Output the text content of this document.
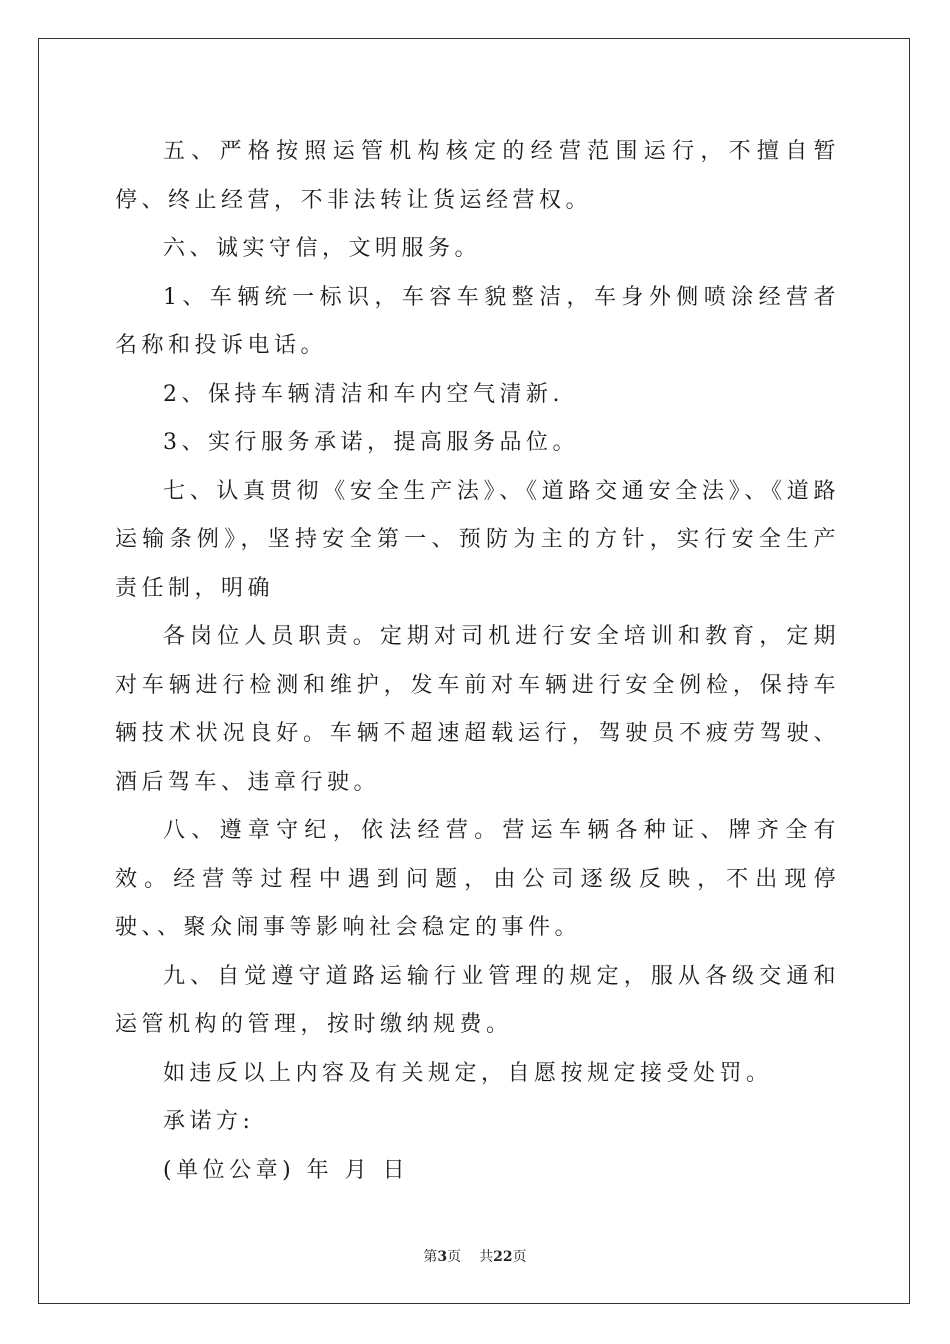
五、严格按照运管机构核定的经营范围运行，不擅自暂停、终止经营，不非法转让货运经营权。

六、诚实守信，文明服务。

1、车辆统一标识，车容车貌整洁，车身外侧喷涂经营者名称和投诉电话。

2、保持车辆清洁和车内空气清新.

3、实行服务承诺，提高服务品位。

七、认真贯彻《安全生产法》、《道路交通安全法》、《道路运输条例》，坚持安全第一、预防为主的方针，实行安全生产责任制，明确

各岗位人员职责。定期对司机进行安全培训和教育，定期对车辆进行检测和维护，发车前对车辆进行安全例检，保持车辆技术状况良好。车辆不超速超载运行，驾驶员不疲劳驾驶、酒后驾车、违章行驶。

八、遵章守纪，依法经营。营运车辆各种证、牌齐全有效。经营等过程中遇到问题，由公司逐级反映，不出现停驶、、聚众闹事等影响社会稳定的事件。

九、自觉遵守道路运输行业管理的规定，服从各级交通和运管机构的管理，按时缴纳规费。

如违反以上内容及有关规定，自愿按规定接受处罚。

承诺方:

(单位公章) 年 月 日

第3页 共22页
